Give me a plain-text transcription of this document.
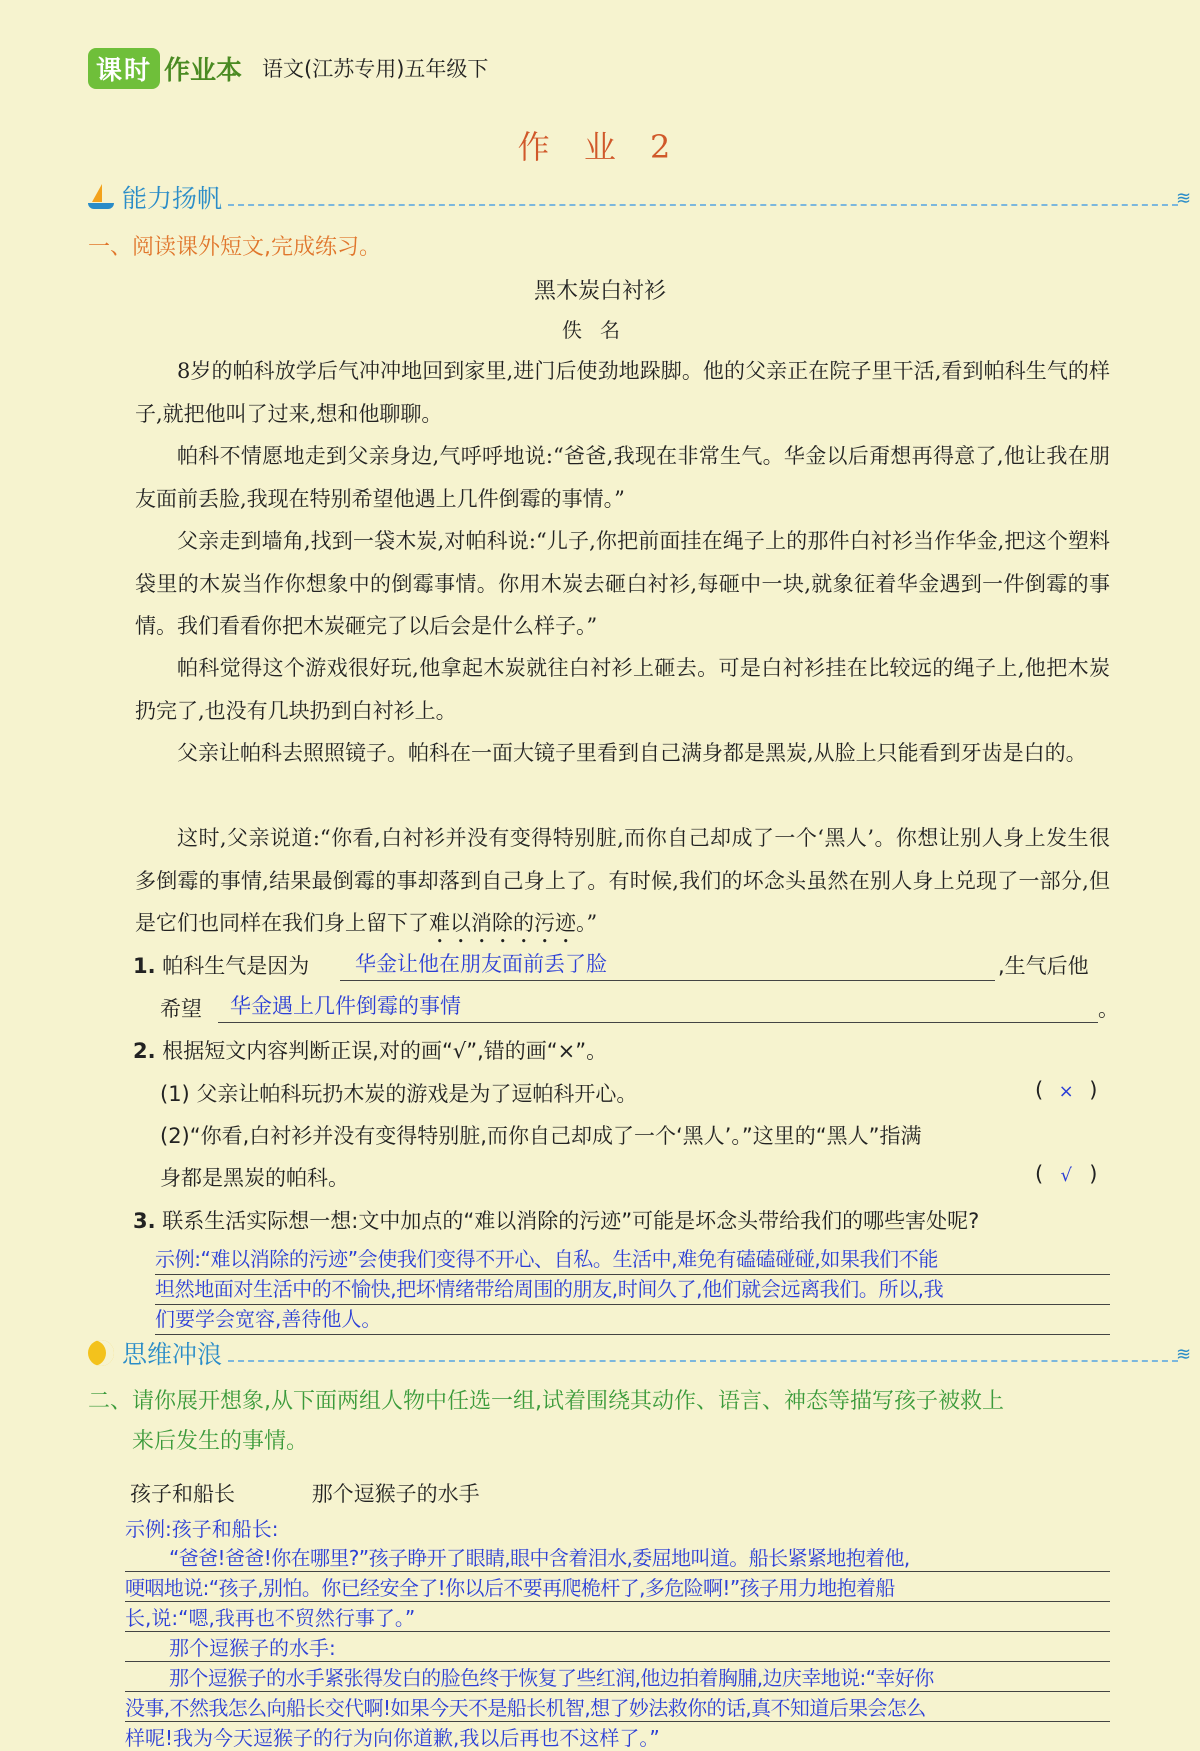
课时 作业本 语文(江苏专用)五年级下
作 业 2
能力扬帆	≋
一、阅读课外短文,完成练习。
黑木炭白衬衫
佚名
8岁的帕科放学后气冲冲地回到家里,进门后使劲地跺脚。他的父亲正在院子里干活,看到帕科生气的样子,就把他叫了过来,想和他聊聊。
帕科不情愿地走到父亲身边,气呼呼地说:“爸爸,我现在非常生气。华金以后甭想再得意了,他让我在朋友面前丢脸,我现在特别希望他遇上几件倒霉的事情。”
父亲走到墙角,找到一袋木炭,对帕科说:“儿子,你把前面挂在绳子上的那件白衬衫当作华金,把这个塑料袋里的木炭当作你想象中的倒霉事情。你用木炭去砸白衬衫,每砸中一块,就象征着华金遇到一件倒霉的事情。我们看看你把木炭砸完了以后会是什么样子。”
帕科觉得这个游戏很好玩,他拿起木炭就往白衬衫上砸去。可是白衬衫挂在比较远的绳子上,他把木炭扔完了,也没有几块扔到白衬衫上。
父亲让帕科去照照镜子。帕科在一面大镜子里看到自己满身都是黑炭,从脸上只能看到牙齿是白的。
这时,父亲说道:“你看,白衬衫并没有变得特别脏,而你自己却成了一个‘黑人’。你想让别人身上发生很多倒霉的事情,结果最倒霉的事却落到自己身上了。有时候,我们的坏念头虽然在别人身上兑现了一部分,但是它们也同样在我们身上留下了难以消除的污迹。”
1. 帕科生气是因为 华金让他在朋友面前丢了脸	,生气后他
希望 华金遇上几件倒霉的事情	。
2. 根据短文内容判断正误,对的画“√”,错的画“×”。
(1) 父亲让帕科玩扔木炭的游戏是为了逗帕科开心。	( × )
(2)“你看,白衬衫并没有变得特别脏,而你自己却成了一个‘黑人’。”这里的“黑人”指满
身都是黑炭的帕科。	( √ )
3. 联系生活实际想一想:文中加点的“难以消除的污迹”可能是坏念头带给我们的哪些害处呢?
示例:“难以消除的污迹”会使我们变得不开心、自私。生活中,难免有磕磕碰碰,如果我们不能
坦然地面对生活中的不愉快,把坏情绪带给周围的朋友,时间久了,他们就会远离我们。所以,我
们要学会宽容,善待他人。
思维冲浪	≋
二、请你展开想象,从下面两组人物中任选一组,试着围绕其动作、语言、神态等描写孩子被救上
来后发生的事情。
孩子和船长	那个逗猴子的水手
示例:孩子和船长:
“爸爸!爸爸!你在哪里?”孩子睁开了眼睛,眼中含着泪水,委屈地叫道。船长紧紧地抱着他,
哽咽地说:“孩子,别怕。你已经安全了!你以后不要再爬桅杆了,多危险啊!”孩子用力地抱着船
长,说:“嗯,我再也不贸然行事了。”
那个逗猴子的水手:
那个逗猴子的水手紧张得发白的脸色终于恢复了些红润,他边拍着胸脯,边庆幸地说:“幸好你
没事,不然我怎么向船长交代啊!如果今天不是船长机智,想了妙法救你的话,真不知道后果会怎么
样呢!我为今天逗猴子的行为向你道歉,我以后再也不这样了。”
